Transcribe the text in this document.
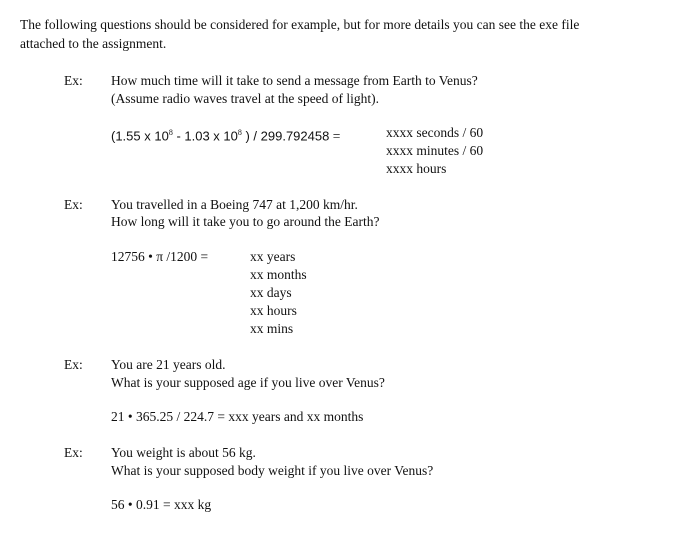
The following questions should be considered for example, but for more details you can see the exe file
attached to the assignment.
Ex: How much time will it take to send a message from Earth to Venus?
(Assume radio waves travel at the speed of light).
(1.55 x $10^8 - 1.03$ x $10^8$ ) / 299.792458 =	xxxx seconds / 60
xxxx minutes / 60
xxxx hours
Ex: You travelled in a Boeing 747 at 1,200 km/hr.
How long will it take you to go around the Earth?
12756 • π /1200 =	xx years
xx months
xx days
xx hours
xx mins
Ex: You are 21 years old.
What is your supposed age if you live over Venus?
21 • 365.25 / 224.7 = xxx years and xx months
Ex: You weight is about 56 kg.
What is your supposed body weight if you live over Venus?
56 • 0.91 = xxx kg
